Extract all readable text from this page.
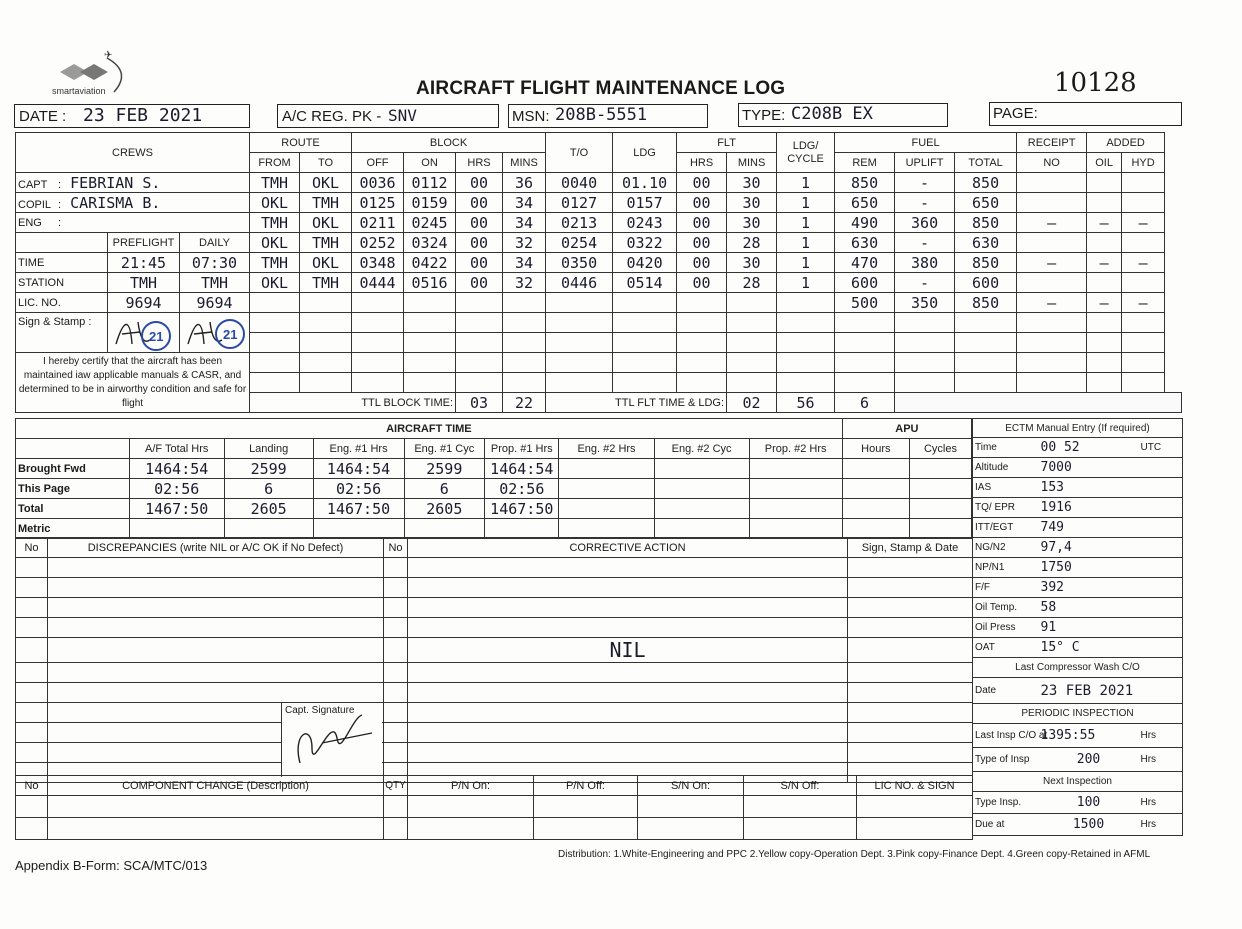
✈
smartaviation	AIRCRAFT FLIGHT MAINTENANCE LOG	10128
DATE : 23 FEB 2021	A/C REG. PK - SNV	MSN: 208B-5551	TYPE: C208B EX	PAGE:
CREWS			ROUTE		BLOCK				T/O	LDG	FLT		LDG/ CYCLE	FUEL			RECEIPT	ADDED	
			FROM	TO	OFF	ON	HRS	MINS			HRS	MINS		REM	UPLIFT	TOTAL	NO	OIL	HYD
CAPT : FEBRIAN S.			TMH	OKL	0036	0112	00	36	0040	01.10	00	30	1	850	-	850			
COPIL : CARISMA B.			OKL	TMH	0125	0159	00	34	0127	0157	00	30	1	650	-	650			
ENG :			TMH	OKL	0211	0245	00	34	0213	0243	00	30	1	490	360	850	—	—	—
	PREFLIGHT	DAILY	OKL	TMH	0252	0324	00	32	0254	0322	00	28	1	630	-	630			
TIME	21:45	07:30	TMH	OKL	0348	0422	00	34	0350	0420	00	30	1	470	380	850	—	—	—
STATION	TMH	TMH	OKL	TMH	0444	0516	00	32	0446	0514	00	28	1	600	-	600			
LIC. NO.	9694	9694												500	350	850	—	—	—
Sign & Stamp :	21	21																	

I hereby certify that the aircraft has been maintained iaw applicable manuals & CASR, and determined to be in airworthy condition and safe for flight																			

			TTL BLOCK TIME:				03	22	TTL FLT TIME & LDG:			02	56	6					
AIRCRAFT TIME									APU	
	A/F Total Hrs	Landing	Eng. #1 Hrs	Eng. #1 Cyc	Prop. #1 Hrs	Eng. #2 Hrs	Eng. #2 Cyc	Prop. #2 Hrs	Hours	Cycles
Brought Fwd	1464:54	2599	1464:54	2599	1464:54					
This Page	02:56	6	02:56	6	02:56					
Total	1467:50	2605	1467:50	2605	1467:50					
Metric										
No	DISCREPANCIES (write NIL or A/C OK if No Defect)	No	CORRECTIVE ACTION	Sign, Stamp & Date

			NIL	

Capt. Signature
No	COMPONENT CHANGE (Description)	QTY	P/N On:	P/N Off:	S/N On:	S/N Off:	LIC NO. & SIGN

ECTM Manual Entry (If required)		
Time	00 52	UTC
Altitude	7000	
IAS	153	
TQ/ EPR	1916	
ITT/EGT	749	
NG/N2	97,4	
NP/N1	1750	
F/F	392	
Oil Temp.	58	
Oil Press	91	
OAT	15° C	
Last Compressor Wash C/O		
Date	23 FEB 2021	
PERIODIC INSPECTION		
Last Insp C/O at	1395:55	Hrs
Type of Insp	200	Hrs
Next Inspection		
Type Insp.	100	Hrs
Due at	1500	Hrs
Appendix B-Form: SCA/MTC/013
Distribution: 1.White-Engineering and PPC 2.Yellow copy-Operation Dept. 3.Pink copy-Finance Dept. 4.Green copy-Retained in AFML
